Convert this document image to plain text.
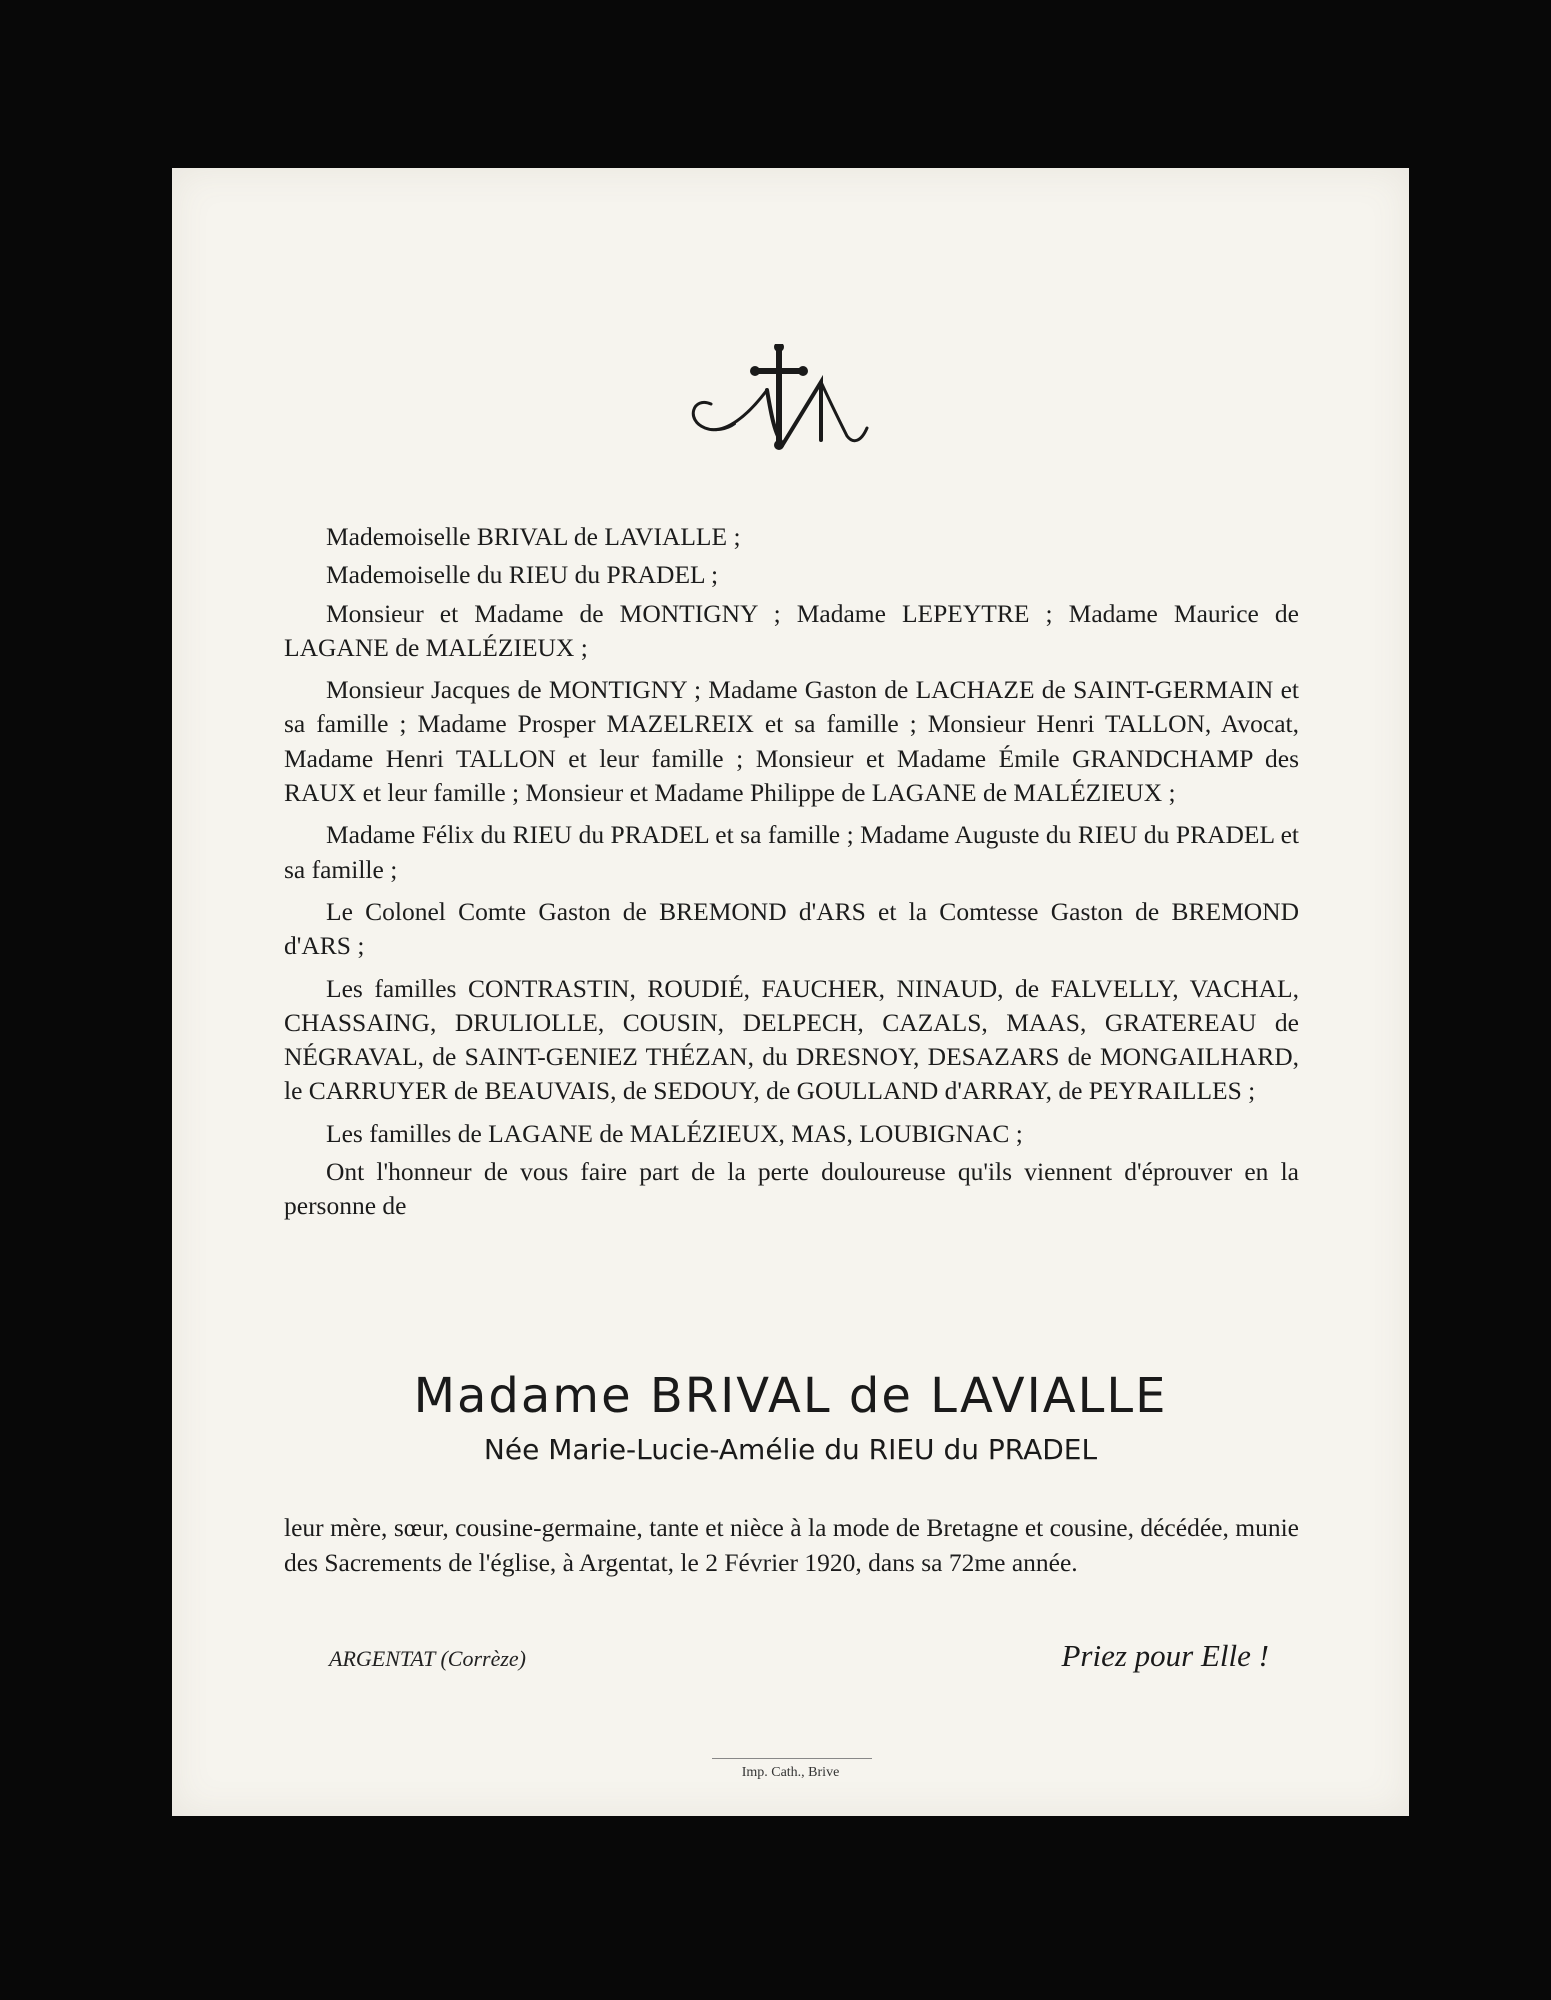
Mademoiselle BRIVAL de LAVIALLE ;

Mademoiselle du RIEU du PRADEL ;

Monsieur et Madame de MONTIGNY ; Madame LEPEYTRE ; Madame Maurice de LAGANE de MALÉZIEUX ;

Monsieur Jacques de MONTIGNY ; Madame Gaston de LACHAZE de SAINT-GERMAIN et sa famille ; Madame Prosper MAZELREIX et sa famille ; Monsieur Henri TALLON, Avocat, Madame Henri TALLON et leur famille ; Monsieur et Madame Émile GRANDCHAMP des RAUX et leur famille ; Monsieur et Madame Philippe de LAGANE de MALÉZIEUX ;

Madame Félix du RIEU du PRADEL et sa famille ; Madame Auguste du RIEU du PRADEL et sa famille ;

Le Colonel Comte Gaston de BREMOND d'ARS et la Comtesse Gaston de BREMOND d'ARS ;

Les familles CONTRASTIN, ROUDIÉ, FAUCHER, NINAUD, de FALVELLY, VACHAL, CHASSAING, DRULIOLLE, COUSIN, DELPECH, CAZALS, MAAS, GRATEREAU de NÉGRAVAL, de SAINT-GENIEZ THÉZAN, du DRESNOY, DESAZARS de MONGAILHARD, le CARRUYER de BEAUVAIS, de SEDOUY, de GOULLAND d'ARRAY, de PEYRAILLES ;

Les familles de LAGANE de MALÉZIEUX, MAS, LOUBIGNAC ;

Ont l'honneur de vous faire part de la perte douloureuse qu'ils viennent d'éprouver en la personne de

Madame BRIVAL de LAVIALLE
Née Marie-Lucie-Amélie du RIEU du PRADEL
leur mère, sœur, cousine-germaine, tante et nièce à la mode de Bretagne et cousine, décédée, munie des Sacrements de l'église, à Argentat, le 2 Février 1920, dans sa 72me année.
ARGENTAT (Corrèze)	Priez pour Elle !
Imp. Cath., Brive
